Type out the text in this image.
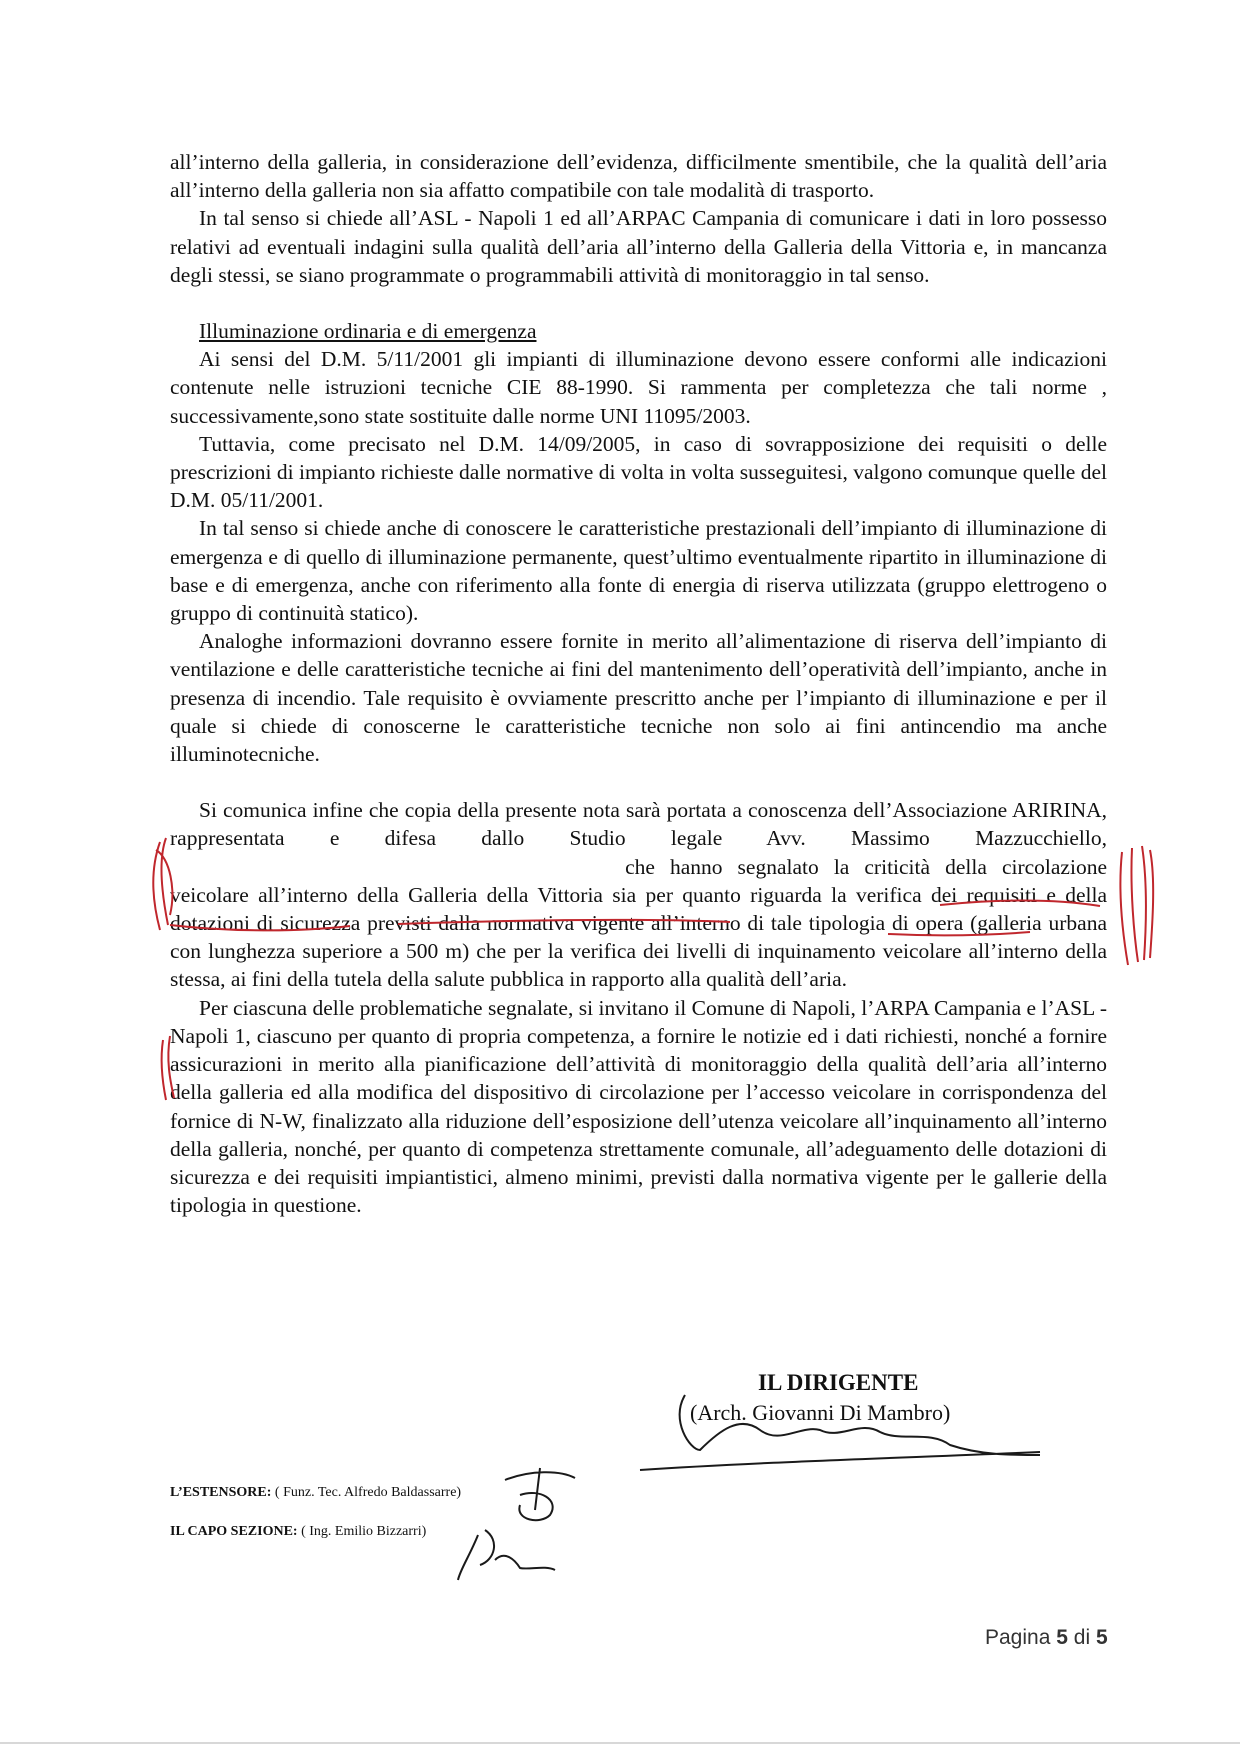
all’interno della galleria, in considerazione dell’evidenza, difficilmente smentibile, che la qualità dell’aria all’interno della galleria non sia affatto compatibile con tale modalità di trasporto.

In tal senso si chiede all’ASL - Napoli 1 ed all’ARPAC Campania di comunicare i dati in loro possesso relativi ad eventuali indagini sulla qualità dell’aria all’interno della Galleria della Vittoria e, in mancanza degli stessi, se siano programmate o programmabili attività di monitoraggio in tal senso.

Illuminazione ordinaria e di emergenza

Ai sensi del D.M. 5/11/2001 gli impianti di illuminazione devono essere conformi alle indicazioni contenute nelle istruzioni tecniche CIE 88-1990. Si rammenta per completezza che tali norme , successivamente,sono state sostituite dalle norme UNI 11095/2003.

Tuttavia, come precisato nel D.M. 14/09/2005, in caso di sovrapposizione dei requisiti o delle prescrizioni di impianto richieste dalle normative di volta in volta susseguitesi, valgono comunque quelle del D.M. 05/11/2001.

In tal senso si chiede anche di conoscere le caratteristiche prestazionali dell’impianto di illuminazione di emergenza e di quello di illuminazione permanente, quest’ultimo eventualmente ripartito in illuminazione di base e di emergenza, anche con riferimento alla fonte di energia di riserva utilizzata (gruppo elettrogeno o gruppo di continuità statico).

Analoghe informazioni dovranno essere fornite in merito all’alimentazione di riserva dell’impianto di ventilazione e delle caratteristiche tecniche ai fini del mantenimento dell’operatività dell’impianto, anche in presenza di incendio. Tale requisito è ovviamente prescritto anche per l’impianto di illuminazione e per il quale si chiede di conoscerne le caratteristiche tecniche non solo ai fini antincendio ma anche illuminotecniche.

Si comunica infine che copia della presente nota sarà portata a conoscenza dell’Associazione ARIRINA, rappresentata e difesa dallo Studio legale Avv. Massimo Mazzucchiello, che hanno segnalato la criticità della circolazione veicolare all’interno della Galleria della Vittoria sia per quanto riguarda la verifica dei requisiti e della dotazioni di sicurezza previsti dalla normativa vigente all’interno di tale tipologia di opera (galleria urbana con lunghezza superiore a 500 m) che per la verifica dei livelli di inquinamento veicolare all’interno della stessa, ai fini della tutela della salute pubblica in rapporto alla qualità dell’aria.

Per ciascuna delle problematiche segnalate, si invitano il Comune di Napoli, l’ARPA Campania e l’ASL - Napoli 1, ciascuno per quanto di propria competenza, a fornire le notizie ed i dati richiesti, nonché a fornire assicurazioni in merito alla pianificazione dell’attività di monitoraggio della qualità dell’aria all’interno della galleria ed alla modifica del dispositivo di circolazione per l’accesso veicolare in corrispondenza del fornice di N-W, finalizzato alla riduzione dell’esposizione dell’utenza veicolare all’inquinamento all’interno della galleria, nonché, per quanto di competenza strettamente comunale, all’adeguamento delle dotazioni di sicurezza e dei requisiti impiantistici, almeno minimi, previsti dalla normativa vigente per le gallerie della tipologia in questione.

IL DIRIGENTE
(Arch. Giovanni Di Mambro)
L’ESTENSORE: ( Funz. Tec. Alfredo Baldassarre)
IL CAPO SEZIONE: ( Ing. Emilio Bizzarri)
Pagina 5 di 5
